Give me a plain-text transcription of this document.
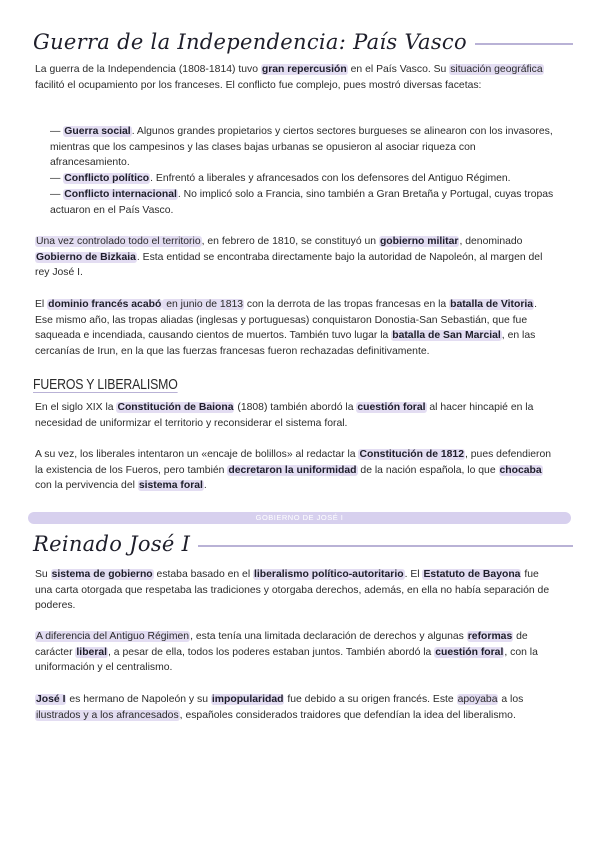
Guerra de la Independencia: País Vasco

La guerra de la Independencia (1808-1814) tuvo gran repercusión en el País Vasco. Su situación geográfica facilitó el ocupamiento por los franceses. El conflicto fue complejo, pues mostró diversas facetas:

— Guerra social. Algunos grandes propietarios y ciertos sectores burgueses se alinearon con los invasores, mientras que los campesinos y las clases bajas urbanas se opusieron al asociar riqueza con afrancesamiento.
— Conflicto político. Enfrentó a liberales y afrancesados con los defensores del Antiguo Régimen.
— Conflicto internacional. No implicó solo a Francia, sino también a Gran Bretaña y Portugal, cuyas tropas actuaron en el País Vasco.

Una vez controlado todo el territorio, en febrero de 1810, se constituyó un gobierno militar, denominado Gobierno de Bizkaia. Esta entidad se encontraba directamente bajo la autoridad de Napoleón, al margen del rey José I.

El dominio francés acabó en junio de 1813 con la derrota de las tropas francesas en la batalla de Vitoria. Ese mismo año, las tropas aliadas (inglesas y portuguesas) conquistaron Donostia-San Sebastián, que fue saqueada e incendiada, causando cientos de muertos. También tuvo lugar la batalla de San Marcial, en las cercanías de Irun, en la que las fuerzas francesas fueron rechazadas definitivamente.

FUEROS Y LIBERALISMO

En el siglo XIX la Constitución de Baiona (1808) también abordó la cuestión foral al hacer hincapié en la necesidad de uniformizar el territorio y reconsiderar el sistema foral.

A su vez, los liberales intentaron un «encaje de bolillos» al redactar la Constitución de 1812, pues defendieron la existencia de los Fueros, pero también decretaron la uniformidad de la nación española, lo que chocaba con la pervivencia del sistema foral.

GOBIERNO DE JOSÉ I
Reinado José I

Su sistema de gobierno estaba basado en el liberalismo político-autoritario. El Estatuto de Bayona fue una carta otorgada que respetaba las tradiciones y otorgaba derechos, además, en ella no había separación de poderes.

A diferencia del Antiguo Régimen, esta tenía una limitada declaración de derechos y algunas reformas de carácter liberal, a pesar de ella, todos los poderes estaban juntos. También abordó la cuestión foral, con la uniformación y el centralismo.

José I es hermano de Napoleón y su impopularidad fue debido a su origen francés. Este apoyaba a los ilustrados y a los afrancesados, españoles considerados traidores que defendían la idea del liberalismo.
